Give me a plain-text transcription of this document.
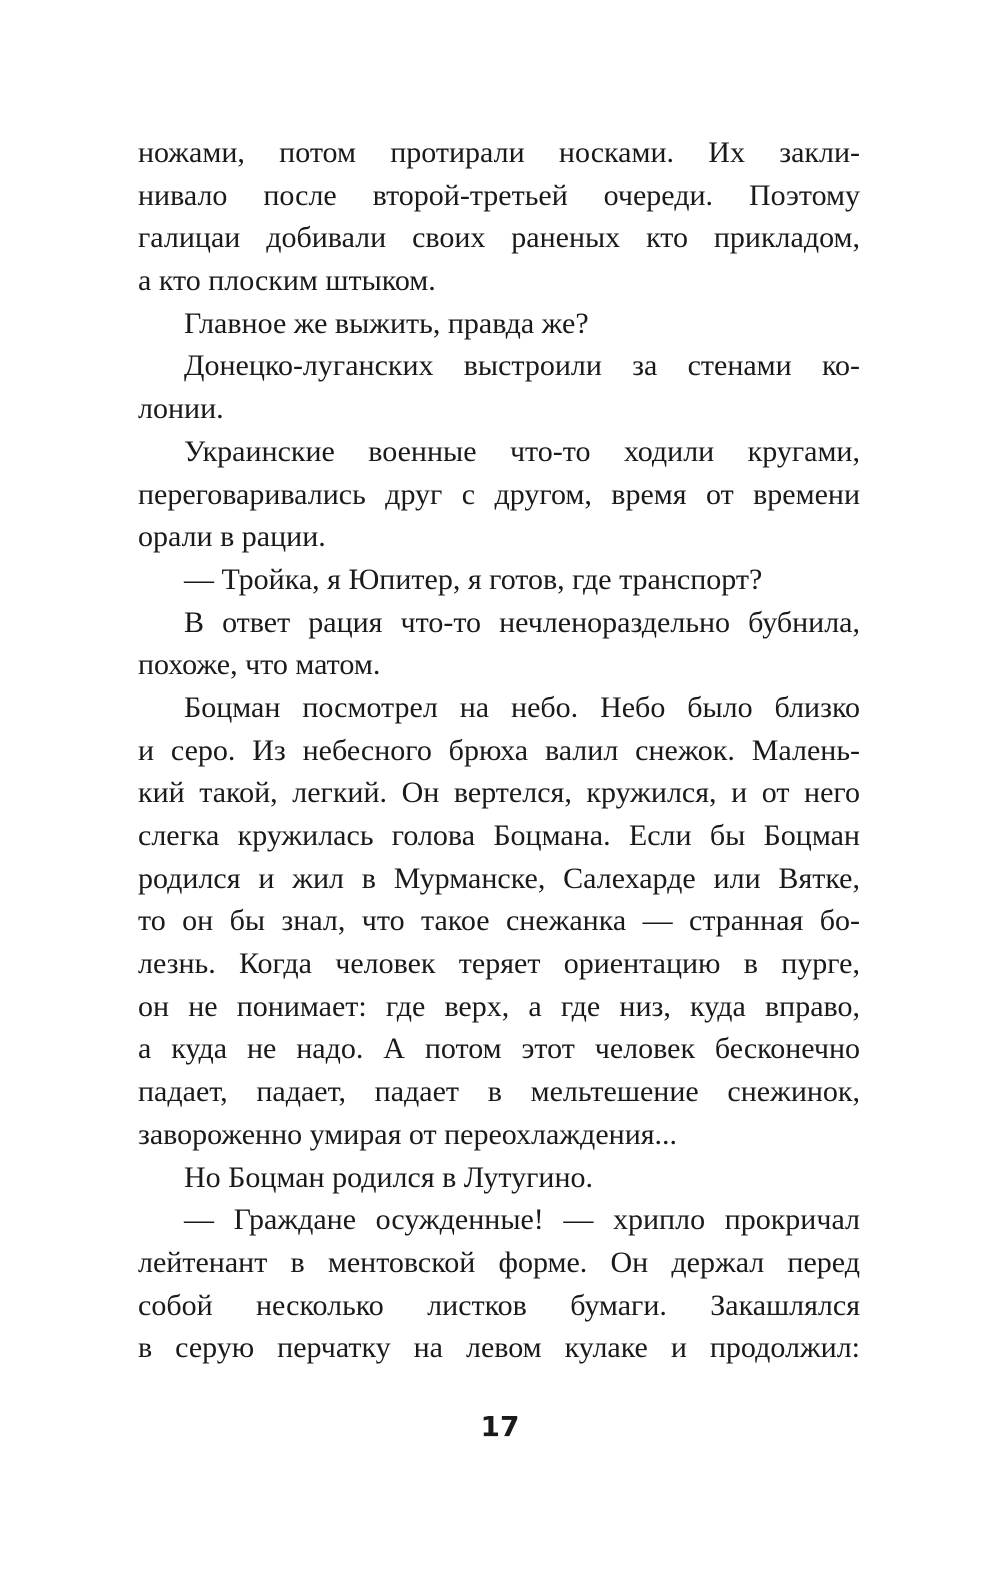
ножами, потом протирали носками. Их закли-
нивало после второй-третьей очереди. Поэтому
галицаи добивали своих раненых кто прикладом,
а кто плоским штыком.
Главное же выжить, правда же?
Донецко-луганских выстроили за стенами ко-
лонии.
Украинские военные что-то ходили кругами,
переговаривались друг с другом, время от времени
орали в рации.
— Тройка, я Юпитер, я готов, где транспорт?
В ответ рация что-то нечленораздельно бубнила,
похоже, что матом.
Боцман посмотрел на небо. Небо было близко
и серо. Из небесного брюха валил снежок. Малень-
кий такой, легкий. Он вертелся, кружился, и от него
слегка кружилась голова Боцмана. Если бы Боцман
родился и жил в Мурманске, Салехарде или Вятке,
то он бы знал, что такое снежанка — странная бо-
лезнь. Когда человек теряет ориентацию в пурге,
он не понимает: где верх, а где низ, куда вправо,
а куда не надо. А потом этот человек бесконечно
падает, падает, падает в мельтешение снежинок,
завороженно умирая от переохлаждения...
Но Боцман родился в Лутугино.
— Граждане осужденные! — хрипло прокричал
лейтенант в ментовской форме. Он держал перед
собой несколько листков бумаги. Закашлялся
в серую перчатку на левом кулаке и продолжил:
17
